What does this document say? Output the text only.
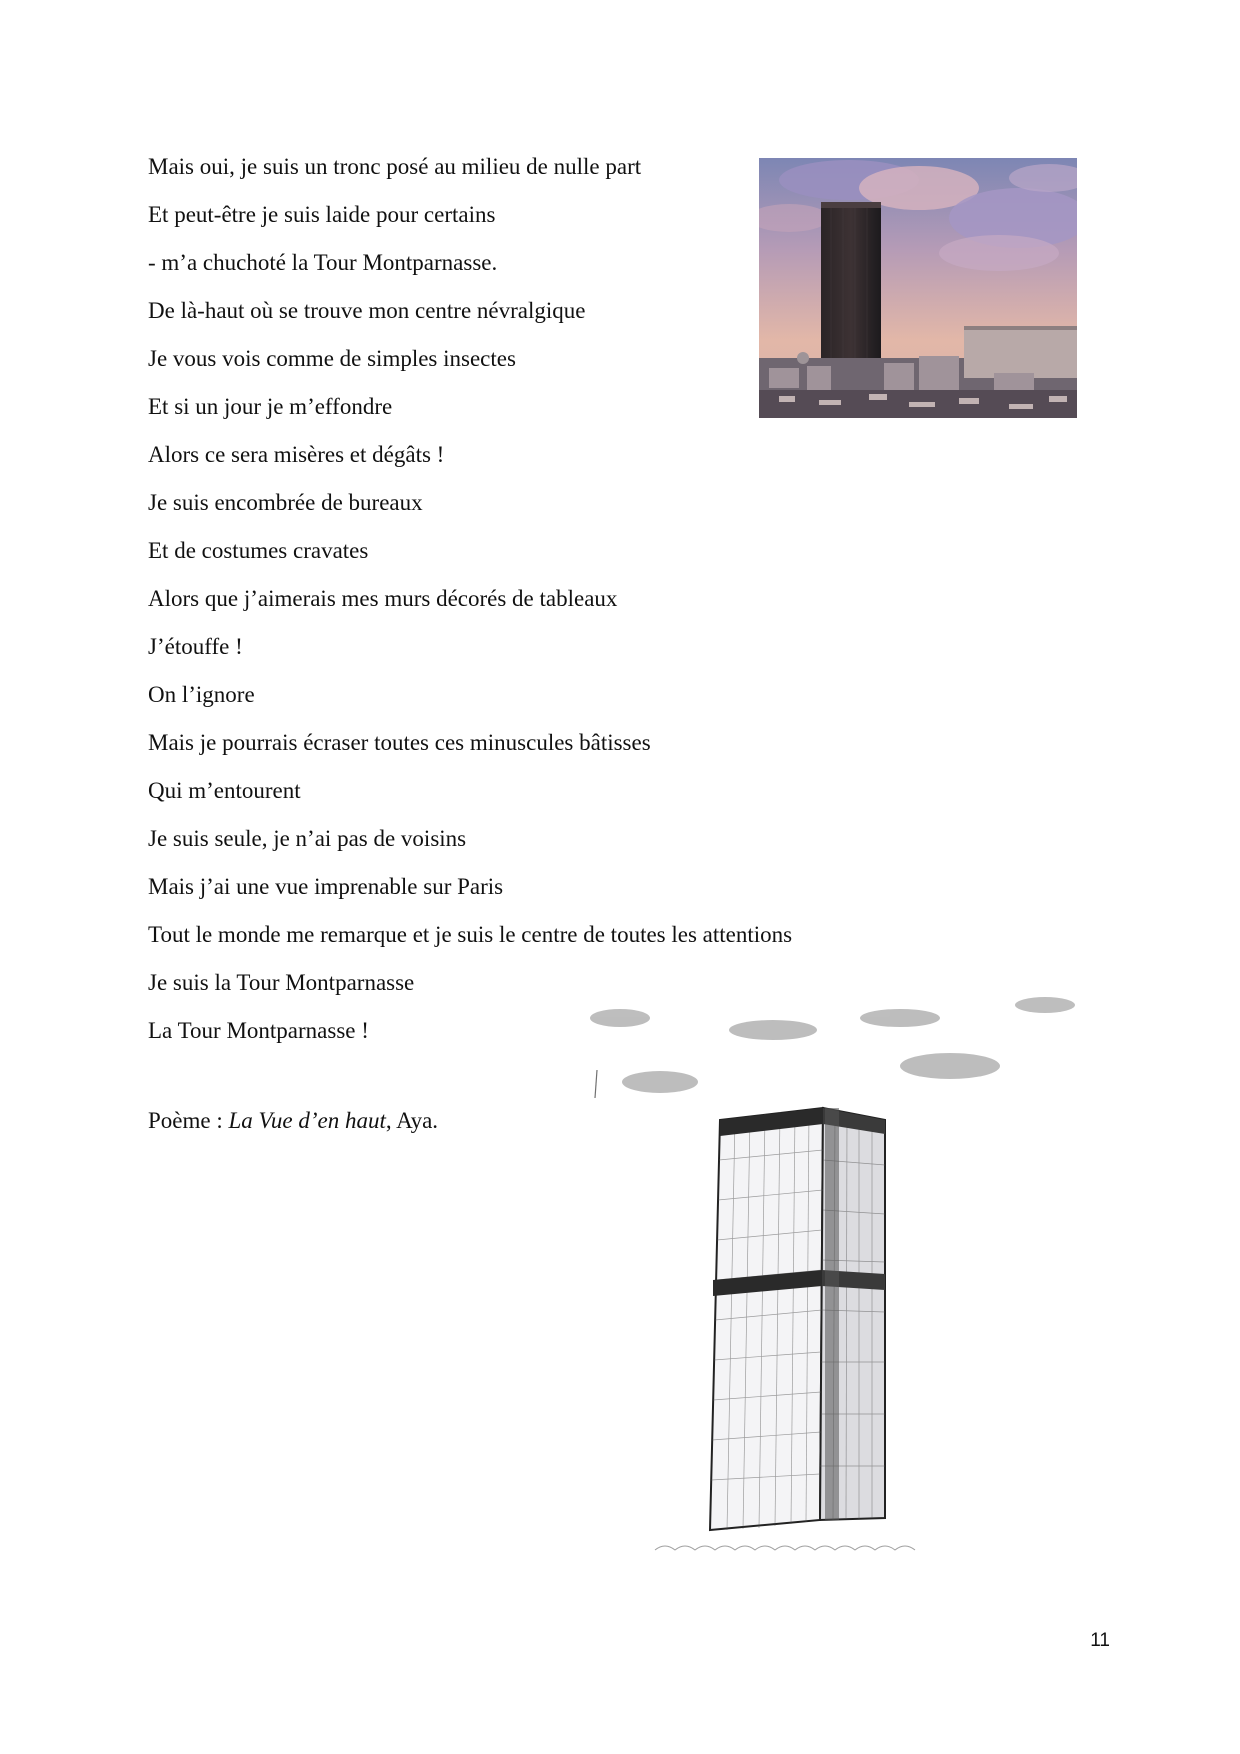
Mais oui, je suis un tronc posé au milieu de nulle part
Et peut-être je suis laide pour certains
- m’a chuchoté la Tour Montparnasse.
De là-haut où se trouve mon centre névralgique
Je vous vois comme de simples insectes
Et si un jour je m’effondre
Alors ce sera misères et dégâts !
Je suis encombrée de bureaux
Et de costumes cravates
Alors que j’aimerais mes murs décorés de tableaux
J’étouffe !
On l’ignore
Mais je pourrais écraser toutes ces minuscules bâtisses
Qui m’entourent
Je suis seule, je n’ai pas de voisins
Mais j’ai une vue imprenable sur Paris
Tout le monde me remarque et je suis le centre de toutes les attentions
Je suis la Tour Montparnasse
La Tour Montparnasse !
Poème : La Vue d’en haut, Aya.
11
